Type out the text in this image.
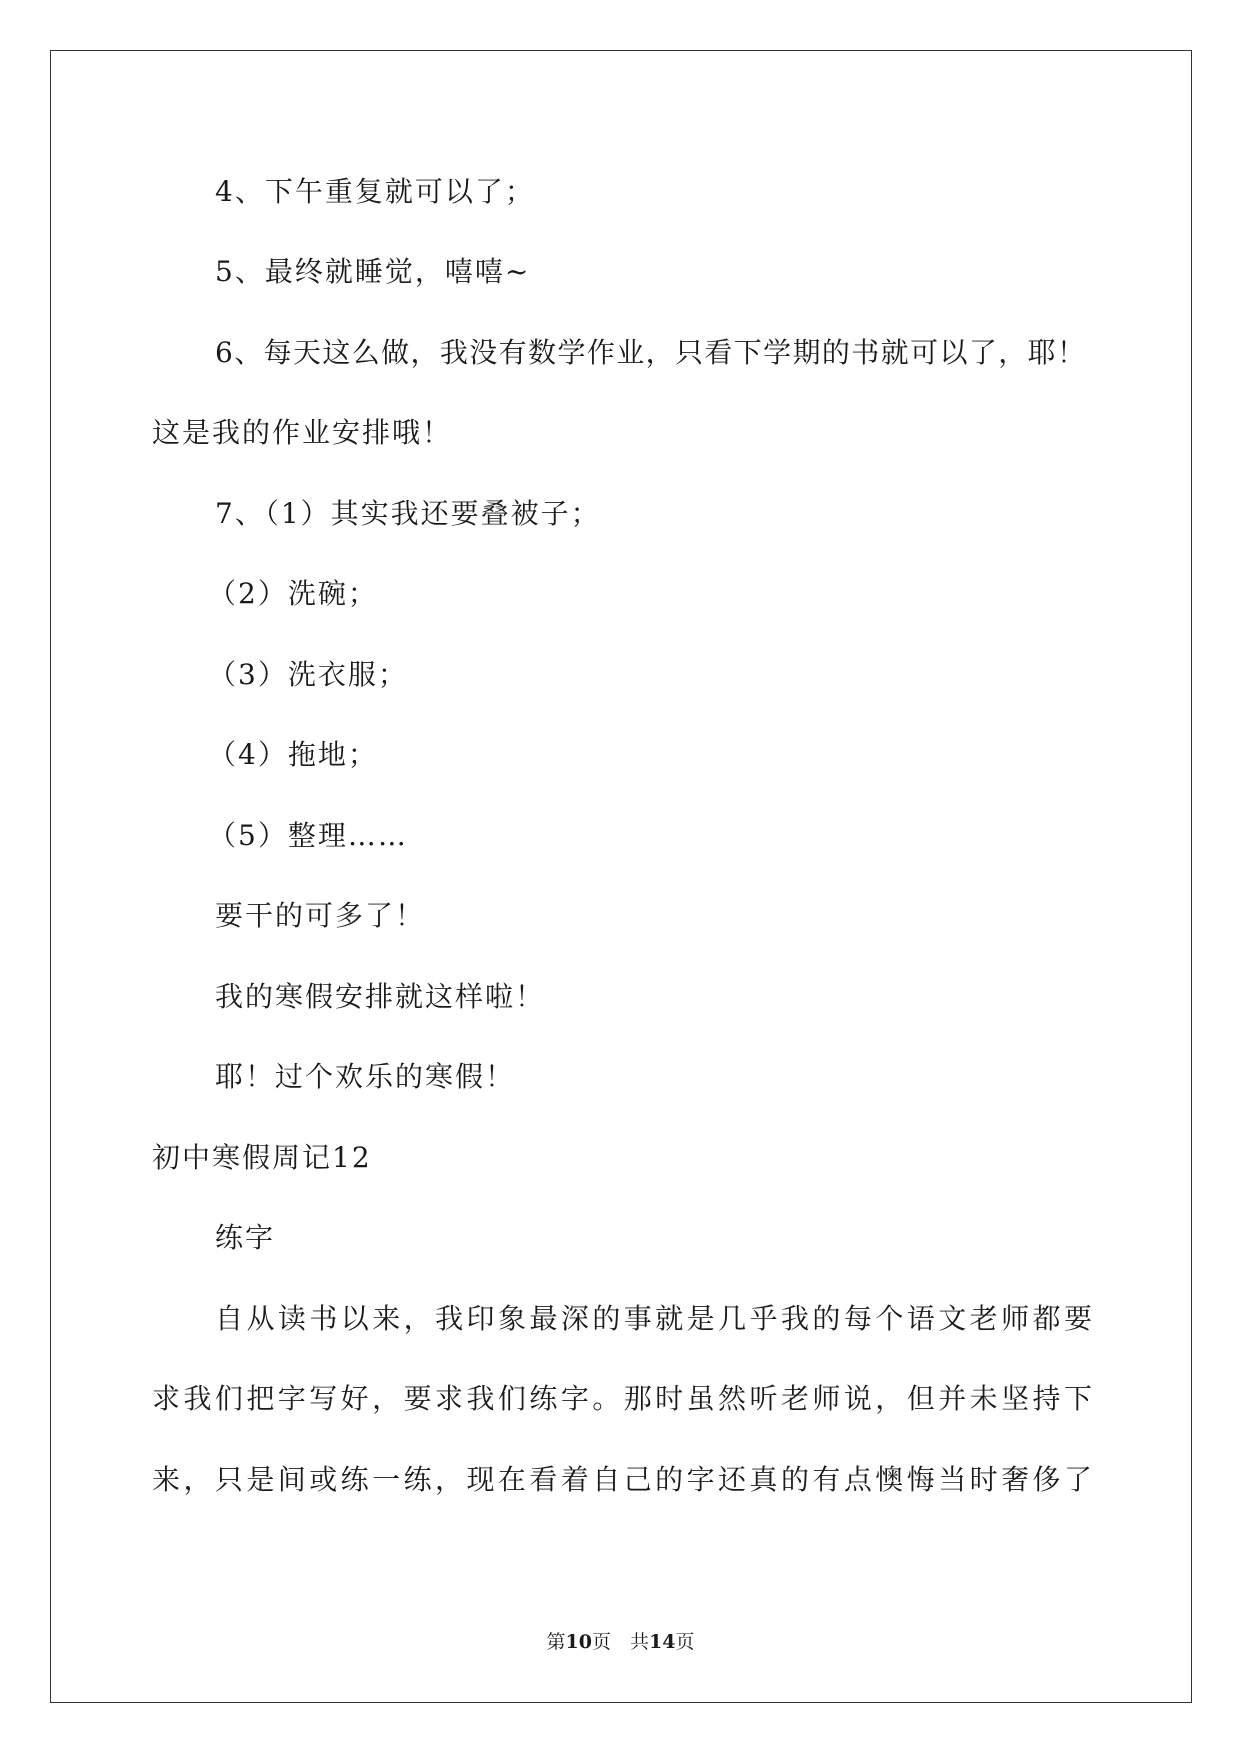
4、下午重复就可以了；
5、最终就睡觉，嘻嘻~
6、每天这么做，我没有数学作业，只看下学期的书就可以了，耶！
这是我的作业安排哦！
7、（1）其实我还要叠被子；
（2）洗碗；
（3）洗衣服；
（4）拖地；
（5）整理……
要干的可多了！
我的寒假安排就这样啦！
耶！过个欢乐的寒假！
初中寒假周记12
练字
自从读书以来，我印象最深的事就是几乎我的每个语文老师都要
求我们把字写好，要求我们练字。那时虽然听老师说，但并未坚持下
来，只是间或练一练，现在看着自己的字还真的有点懊悔当时奢侈了
第10页　共14页
